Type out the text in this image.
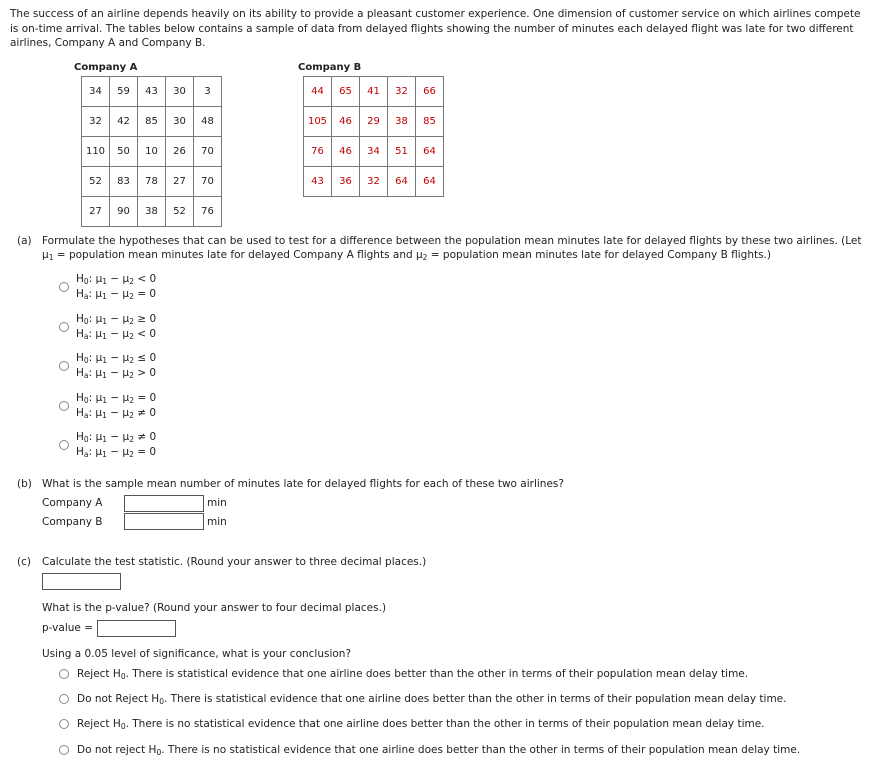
The success of an airline depends heavily on its ability to provide a pleasant customer experience. One dimension of customer service on which airlines compete is on-time arrival. The tables below contains a sample of data from delayed flights showing the number of minutes each delayed flight was late for two different airlines, Company A and Company B.
Company A
34	59	43	30	3
32	42	85	30	48
110	50	10	26	70
52	83	78	27	70
27	90	38	52	76
Company B
44	65	41	32	66
105	46	29	38	85
76	46	34	51	64
43	36	32	64	64
(a) Formulate the hypotheses that can be used to test for a difference between the population mean minutes late for delayed flights by these two airlines. (Let
$\mu_1$ = population mean minutes late for delayed Company A flights and $\mu_2$ = population mean minutes late for delayed Company B flights.)
$H_0$: $\mu_1 - \mu_2 < 0$
$H_a$: $\mu_1 - \mu_2 = 0$
$H_0$: $\mu_1 - \mu_2 \ge 0$
$H_a$: $\mu_1 - \mu_2 < 0$
$H_0$: $\mu_1 - \mu_2 \le 0$
$H_a$: $\mu_1 - \mu_2 > 0$
$H_0$: $\mu_1 - \mu_2 = 0$
$H_a$: $\mu_1 - \mu_2 \ne 0$
$H_0$: $\mu_1 - \mu_2 \ne 0$
$H_a$: $\mu_1 - \mu_2 = 0$
(b) What is the sample mean number of minutes late for delayed flights for each of these two airlines?
Company A	min
Company B	min
(c) Calculate the test statistic. (Round your answer to three decimal places.)
What is the p-value? (Round your answer to four decimal places.)
p-value =
Using a 0.05 level of significance, what is your conclusion?
Reject $H_0$. There is statistical evidence that one airline does better than the other in terms of their population mean delay time.
Do not Reject $H_0$. There is statistical evidence that one airline does better than the other in terms of their population mean delay time.
Reject $H_0$. There is no statistical evidence that one airline does better than the other in terms of their population mean delay time.
Do not reject $H_0$. There is no statistical evidence that one airline does better than the other in terms of their population mean delay time.
